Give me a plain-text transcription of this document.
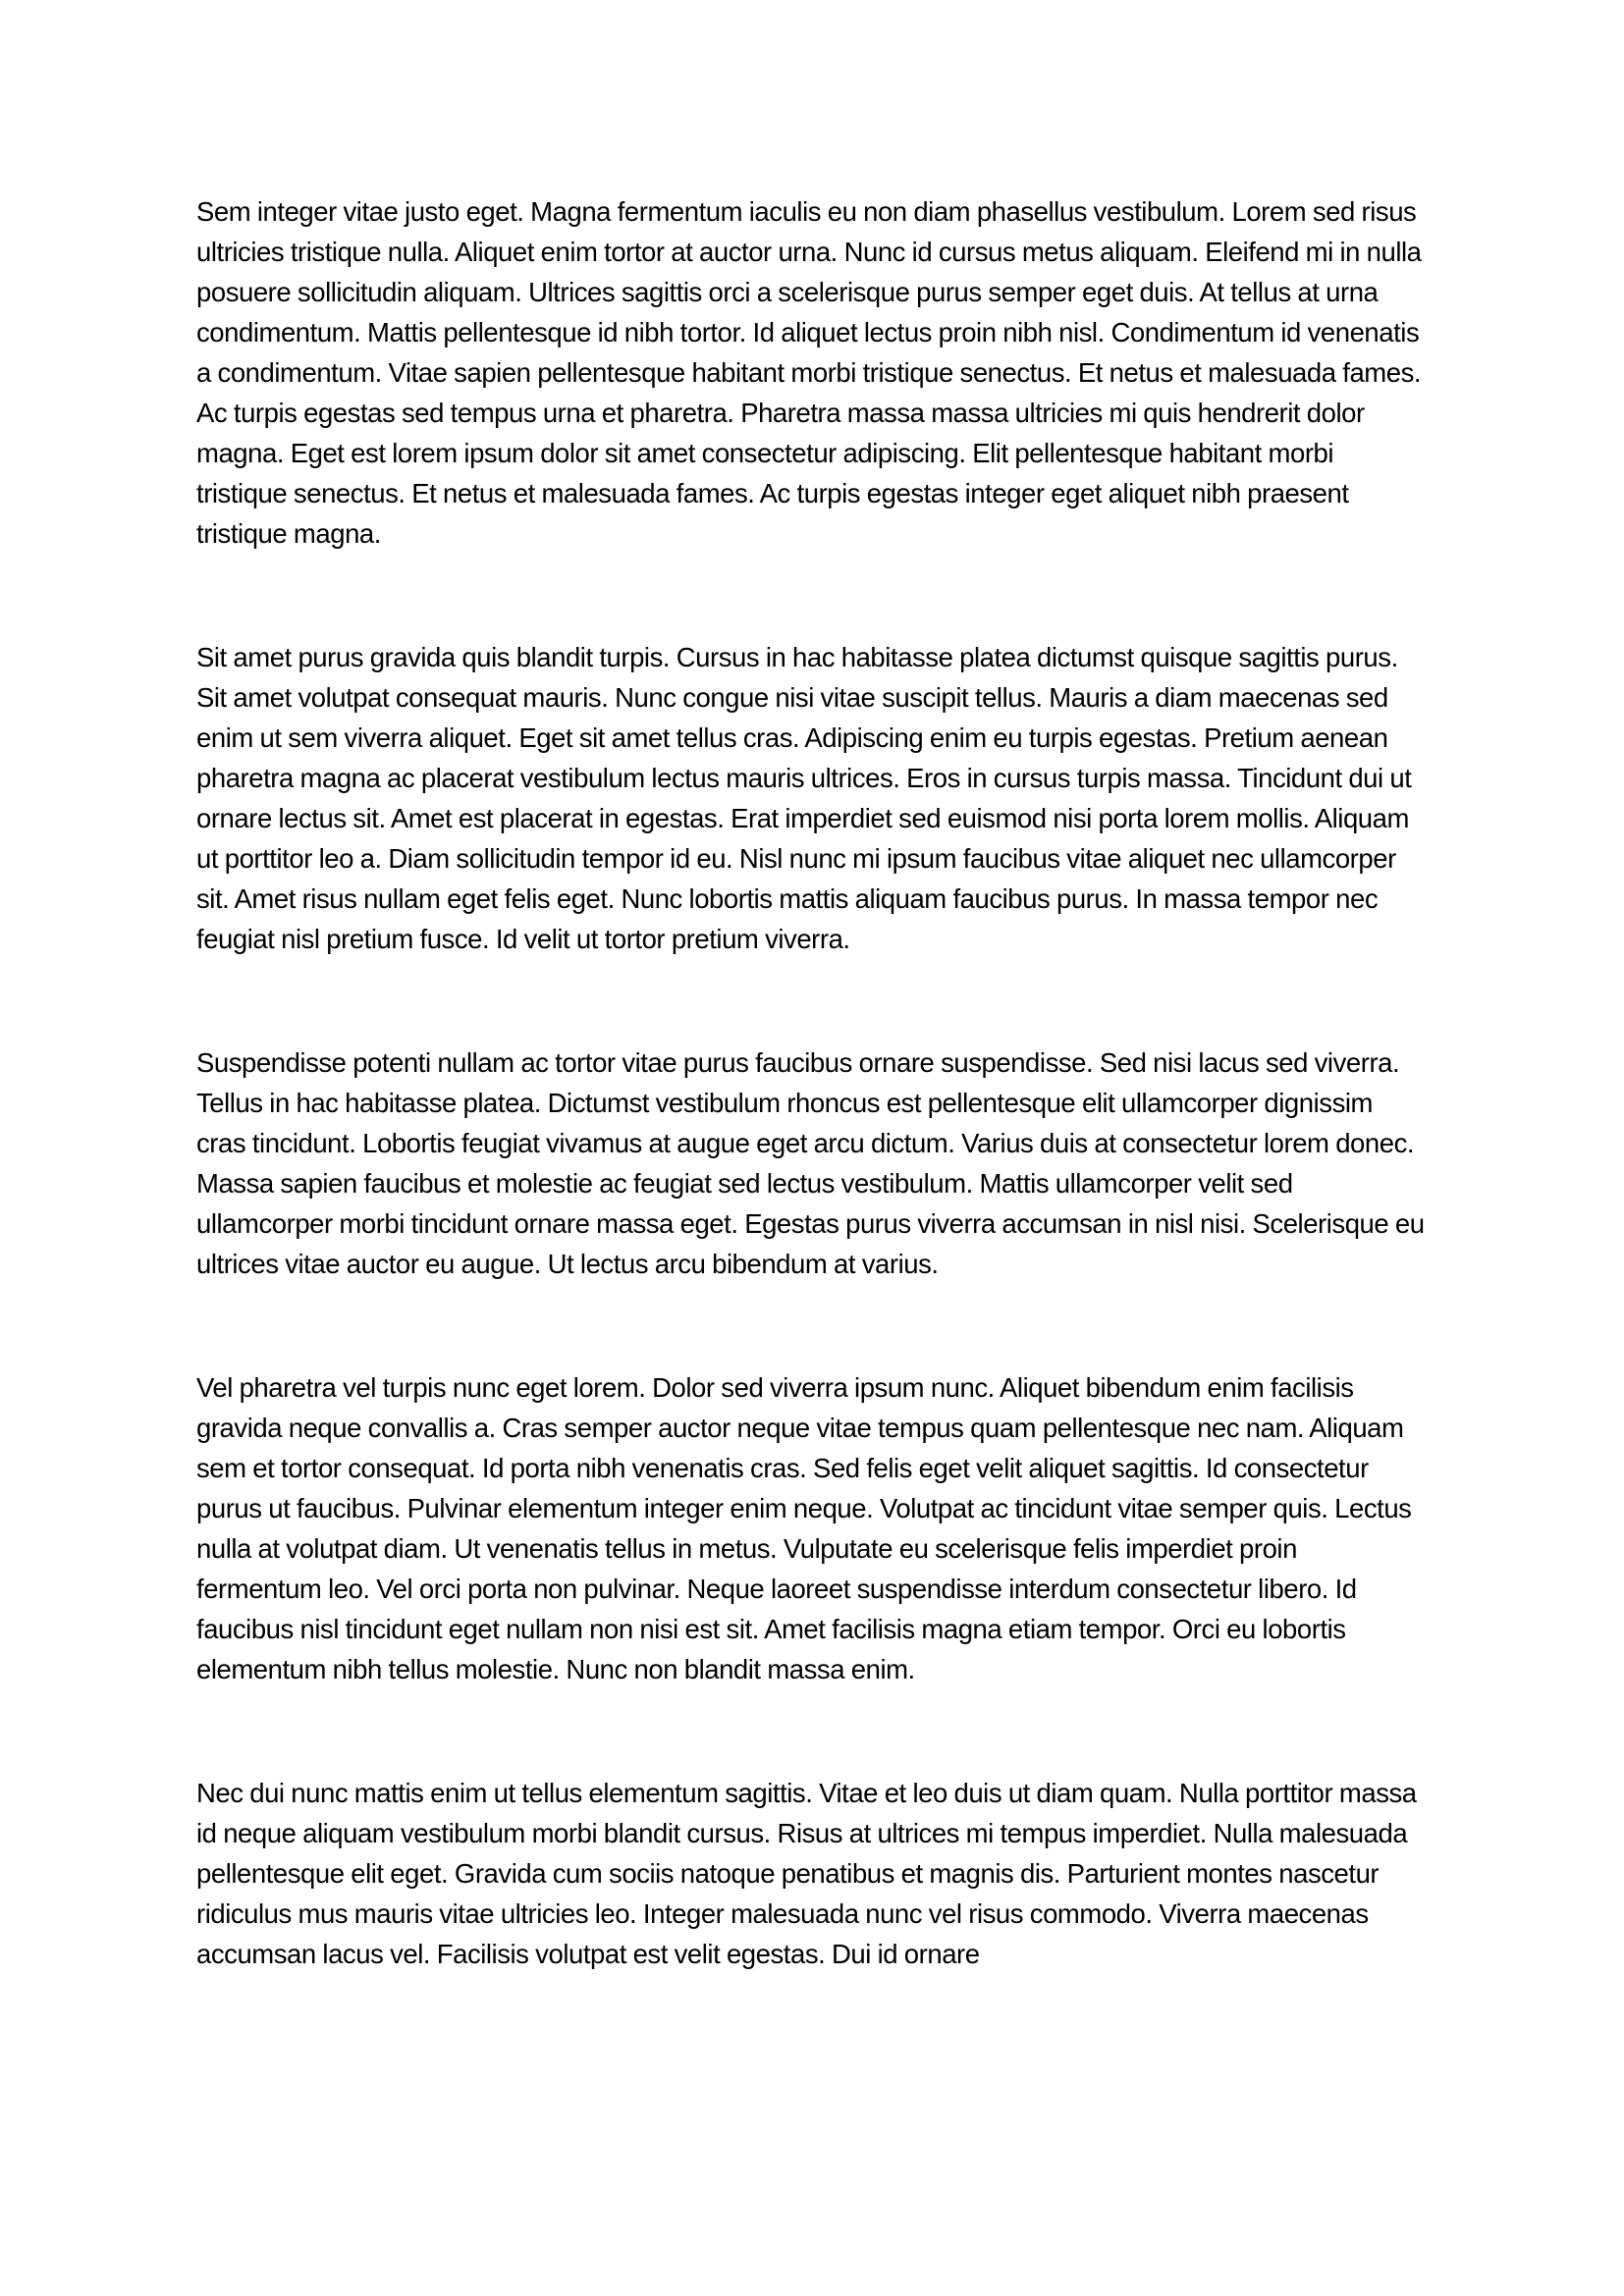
Sem integer vitae justo eget. Magna fermentum iaculis eu non diam phasellus vestibulum. Lorem sed risus ultricies tristique nulla. Aliquet enim tortor at auctor urna. Nunc id cursus metus aliquam. Eleifend mi in nulla posuere sollicitudin aliquam. Ultrices sagittis orci a scelerisque purus semper eget duis. At tellus at urna condimentum. Mattis pellentesque id nibh tortor. Id aliquet lectus proin nibh nisl. Condimentum id venenatis a condimentum. Vitae sapien pellentesque habitant morbi tristique senectus. Et netus et malesuada fames. Ac turpis egestas sed tempus urna et pharetra. Pharetra massa massa ultricies mi quis hendrerit dolor magna. Eget est lorem ipsum dolor sit amet consectetur adipiscing. Elit pellentesque habitant morbi tristique senectus. Et netus et malesuada fames. Ac turpis egestas integer eget aliquet nibh praesent tristique magna.

Sit amet purus gravida quis blandit turpis. Cursus in hac habitasse platea dictumst quisque sagittis purus. Sit amet volutpat consequat mauris. Nunc congue nisi vitae suscipit tellus. Mauris a diam maecenas sed enim ut sem viverra aliquet. Eget sit amet tellus cras. Adipiscing enim eu turpis egestas. Pretium aenean pharetra magna ac placerat vestibulum lectus mauris ultrices. Eros in cursus turpis massa. Tincidunt dui ut ornare lectus sit. Amet est placerat in egestas. Erat imperdiet sed euismod nisi porta lorem mollis. Aliquam ut porttitor leo a. Diam sollicitudin tempor id eu. Nisl nunc mi ipsum faucibus vitae aliquet nec ullamcorper sit. Amet risus nullam eget felis eget. Nunc lobortis mattis aliquam faucibus purus. In massa tempor nec feugiat nisl pretium fusce. Id velit ut tortor pretium viverra.

Suspendisse potenti nullam ac tortor vitae purus faucibus ornare suspendisse. Sed nisi lacus sed viverra. Tellus in hac habitasse platea. Dictumst vestibulum rhoncus est pellentesque elit ullamcorper dignissim cras tincidunt. Lobortis feugiat vivamus at augue eget arcu dictum. Varius duis at consectetur lorem donec. Massa sapien faucibus et molestie ac feugiat sed lectus vestibulum. Mattis ullamcorper velit sed ullamcorper morbi tincidunt ornare massa eget. Egestas purus viverra accumsan in nisl nisi. Scelerisque eu ultrices vitae auctor eu augue. Ut lectus arcu bibendum at varius.

Vel pharetra vel turpis nunc eget lorem. Dolor sed viverra ipsum nunc. Aliquet bibendum enim facilisis gravida neque convallis a. Cras semper auctor neque vitae tempus quam pellentesque nec nam. Aliquam sem et tortor consequat. Id porta nibh venenatis cras. Sed felis eget velit aliquet sagittis. Id consectetur purus ut faucibus. Pulvinar elementum integer enim neque. Volutpat ac tincidunt vitae semper quis. Lectus nulla at volutpat diam. Ut venenatis tellus in metus. Vulputate eu scelerisque felis imperdiet proin fermentum leo. Vel orci porta non pulvinar. Neque laoreet suspendisse interdum consectetur libero. Id faucibus nisl tincidunt eget nullam non nisi est sit. Amet facilisis magna etiam tempor. Orci eu lobortis elementum nibh tellus molestie. Nunc non blandit massa enim.

Nec dui nunc mattis enim ut tellus elementum sagittis. Vitae et leo duis ut diam quam. Nulla porttitor massa id neque aliquam vestibulum morbi blandit cursus. Risus at ultrices mi tempus imperdiet. Nulla malesuada pellentesque elit eget. Gravida cum sociis natoque penatibus et magnis dis. Parturient montes nascetur ridiculus mus mauris vitae ultricies leo. Integer malesuada nunc vel risus commodo. Viverra maecenas accumsan lacus vel. Facilisis volutpat est velit egestas. Dui id ornare
